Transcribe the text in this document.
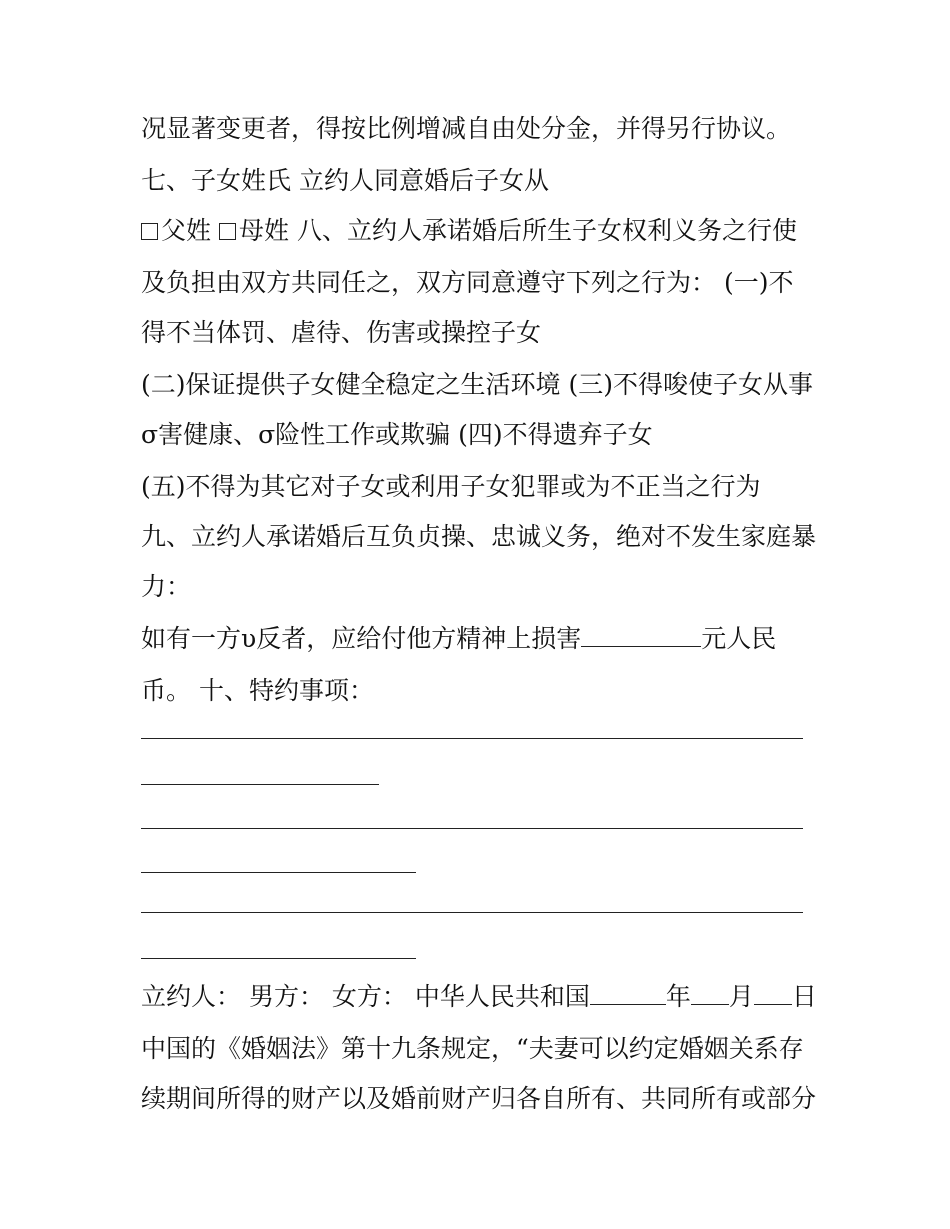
况显著变更者，得按比例增减自由处分金，并得另行协议。
七、子女姓氏 立约人同意婚后子女从
父姓 母姓 八、立约人承诺婚后所生子女权利义务之行使
及负担由双方共同任之，双方同意遵守下列之行为： (一)不
得不当体罚、虐待、伤害或操控子女
(二)保证提供子女健全稳定之生活环境 (三)不得唆使子女从事
σ害健康、σ险性工作或欺骗 (四)不得遗弃子女
(五)不得为其它对子女或利用子女犯罪或为不正当之行为
九、立约人承诺婚后互负贞操、忠诚义务，绝对不发生家庭暴
力：
如有一方υ反者，应给付他方精神上损害	元人民
币。 十、特约事项：
立约人： 男方： 女方： 中华人民共和国	年 月 日
中国的《婚姻法》第十九条规定，“夫妻可以约定婚姻关系存
续期间所得的财产以及婚前财产归各自所有、共同所有或部分
